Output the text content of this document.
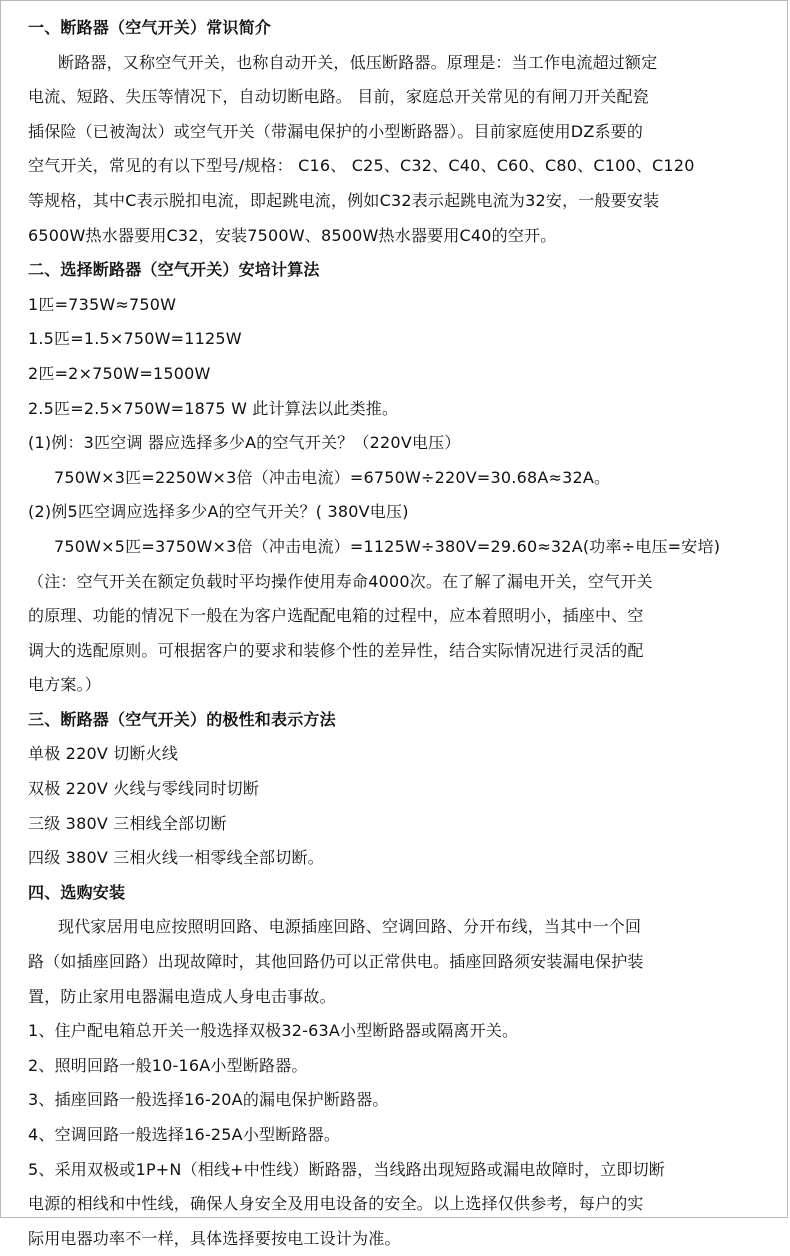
一、断路器（空气开关）常识简介
断路器，又称空气开关，也称自动开关，低压断路器。原理是：当工作电流超过额定
电流、短路、失压等情况下，自动切断电路。 目前，家庭总开关常见的有闸刀开关配瓷
插保险（已被淘汰）或空气开关（带漏电保护的小型断路器）。目前家庭使用DZ系要的
空气开关，常见的有以下型号/规格： C16、 C25、C32、C40、C60、C80、C100、C120
等规格，其中C表示脱扣电流，即起跳电流，例如C32表示起跳电流为32安，一般要安装
6500W热水器要用C32，安装7500W、8500W热水器要用C40的空开。
二、选择断路器（空气开关）安培计算法
1匹=735W≈750W
1.5匹=1.5×750W=1125W
2匹=2×750W=1500W
2.5匹=2.5×750W=1875 W 此计算法以此类推。
(1)例：3匹空调 器应选择多少A的空气开关？（220V电压）
750W×3匹=2250W×3倍（冲击电流）=6750W÷220V=30.68A≈32A。
(2)例5匹空调应选择多少A的空气开关？( 380V电压)
750W×5匹=3750W×3倍（冲击电流）=1125W÷380V=29.60≈32A(功率÷电压=安培)
（注：空气开关在额定负载时平均操作使用寿命4000次。在了解了漏电开关，空气开关
的原理、功能的情况下一般在为客户选配配电箱的过程中，应本着照明小，插座中、空
调大的选配原则。可根据客户的要求和装修个性的差异性，结合实际情况进行灵活的配
电方案。）
三、断路器（空气开关）的极性和表示方法
单极 220V 切断火线
双极 220V 火线与零线同时切断
三级 380V 三相线全部切断
四级 380V 三相火线一相零线全部切断。
四、选购安装
现代家居用电应按照明回路、电源插座回路、空调回路、分开布线，当其中一个回
路（如插座回路）出现故障时，其他回路仍可以正常供电。插座回路须安装漏电保护装
置，防止家用电器漏电造成人身电击事故。
1、住户配电箱总开关一般选择双极32-63A小型断路器或隔离开关。
2、照明回路一般10-16A小型断路器。
3、插座回路一般选择16-20A的漏电保护断路器。
4、空调回路一般选择16-25A小型断路器。
5、采用双极或1P+N（相线+中性线）断路器，当线路出现短路或漏电故障时，立即切断
电源的相线和中性线，确保人身安全及用电设备的安全。以上选择仅供参考，每户的实
际用电器功率不一样，具体选择要按电工设计为准。
